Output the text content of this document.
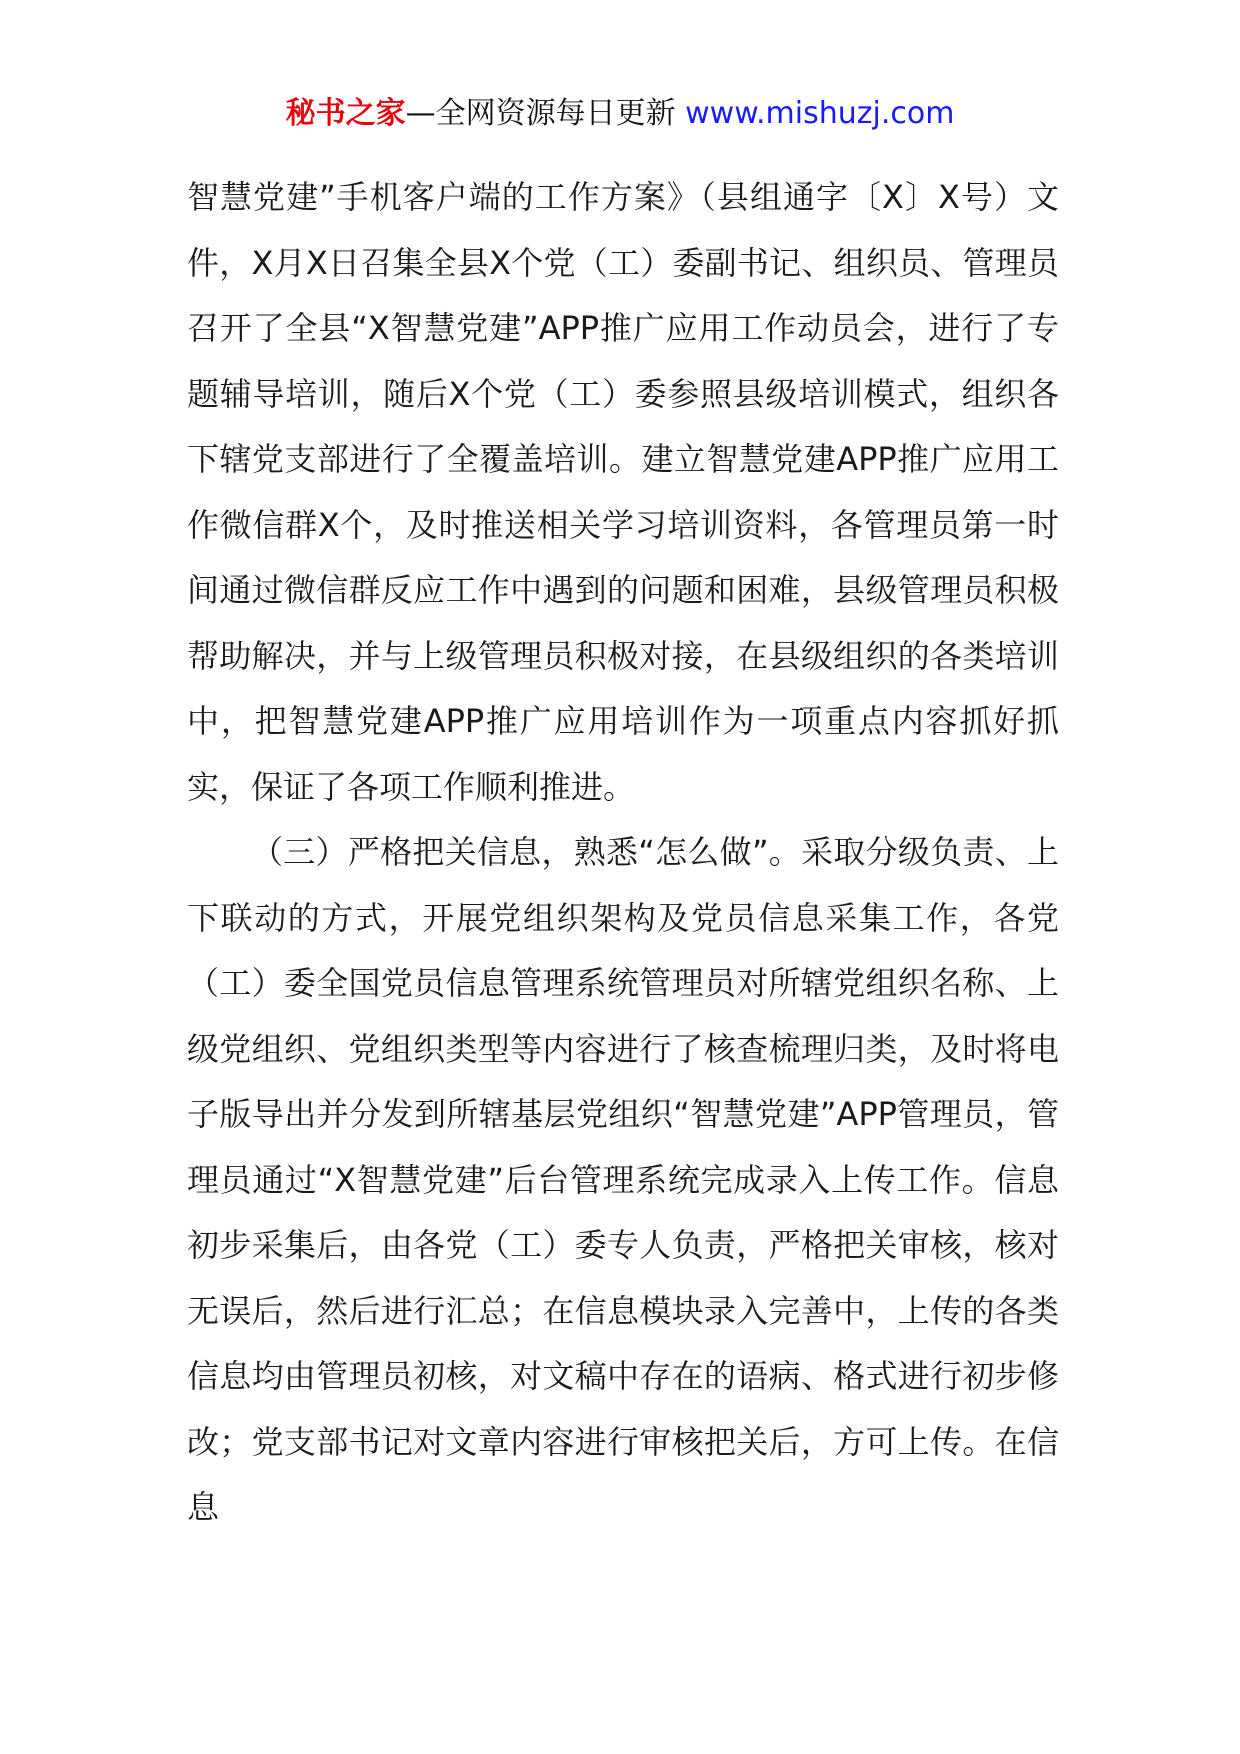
秘书之家—全网资源每日更新 www.mishuzj.com

智慧党建”手机客户端的工作方案》（县组通字〔X〕X号）文件，X月X日召集全县X个党（工）委副书记、组织员、管理员召开了全县“X智慧党建”APP推广应用工作动员会，进行了专题辅导培训，随后X个党（工）委参照县级培训模式，组织各下辖党支部进行了全覆盖培训。建立智慧党建APP推广应用工作微信群X个，及时推送相关学习培训资料，各管理员第一时间通过微信群反应工作中遇到的问题和困难，县级管理员积极帮助解决，并与上级管理员积极对接，在县级组织的各类培训中，把智慧党建APP推广应用培训作为一项重点内容抓好抓实，保证了各项工作顺利推进。

（三）严格把关信息，熟悉“怎么做”。采取分级负责、上下联动的方式，开展党组织架构及党员信息采集工作，各党（工）委全国党员信息管理系统管理员对所辖党组织名称、上级党组织、党组织类型等内容进行了核查梳理归类，及时将电子版导出并分发到所辖基层党组织“智慧党建”APP管理员，管理员通过“X智慧党建”后台管理系统完成录入上传工作。信息初步采集后，由各党（工）委专人负责，严格把关审核，核对无误后，然后进行汇总；在信息模块录入完善中，上传的各类信息均由管理员初核，对文稿中存在的语病、格式进行初步修改；党支部书记对文章内容进行审核把关后，方可上传。在信息
